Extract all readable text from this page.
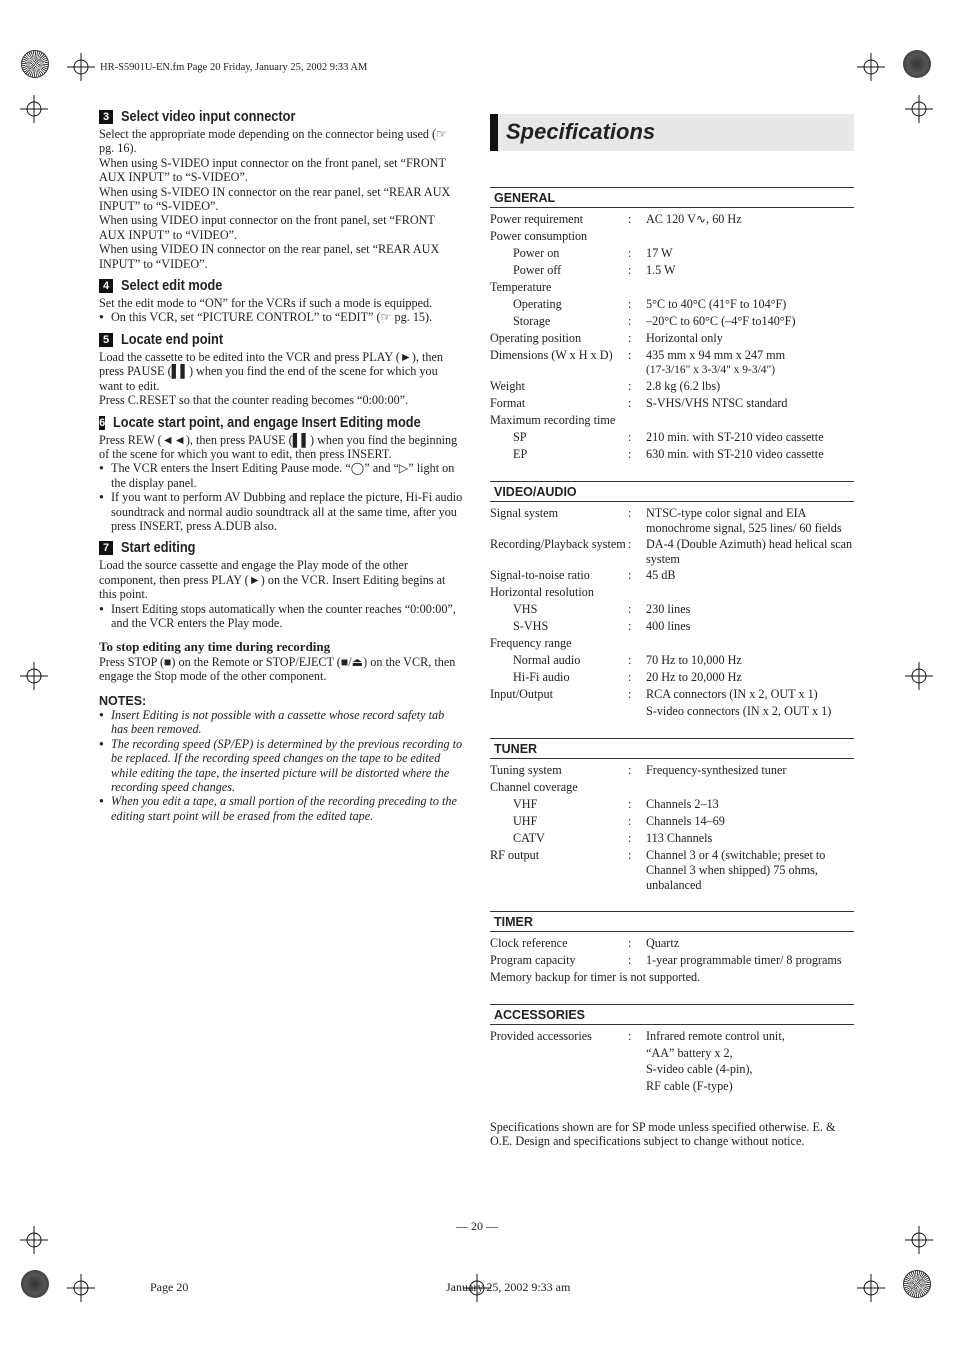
HR-S5901U-EN.fm Page 20 Friday, January 25, 2002 9:33 AM
— 20 —
Page 20	January 25, 2002 9:33 am
3 Select video input connector
Select the appropriate mode depending on the connector being used (☞ pg. 16).
When using S-VIDEO input connector on the front panel, set “FRONT AUX INPUT” to “S-VIDEO”.
When using S-VIDEO IN connector on the rear panel, set “REAR AUX INPUT” to “S-VIDEO”.
When using VIDEO input connector on the front panel, set “FRONT AUX INPUT” to “VIDEO”.
When using VIDEO IN connector on the rear panel, set “REAR AUX INPUT” to “VIDEO”.
4 Select edit mode
Set the edit mode to “ON” for the VCRs if such a mode is equipped.
● On this VCR, set “PICTURE CONTROL” to “EDIT” (☞ pg. 15).
5 Locate end point
Load the cassette to be edited into the VCR and press PLAY (►), then press PAUSE (▌▌) when you find the end of the scene for which you want to edit.
Press C.RESET so that the counter reading becomes “0:00:00”.
6 Locate start point, and engage Insert Editing mode
Press REW (◄◄), then press PAUSE (▌▌) when you find the beginning of the scene for which you want to edit, then press INSERT.
● The VCR enters the Insert Editing Pause mode. “◯” and “▷” light on the display panel.
● If you want to perform AV Dubbing and replace the picture, Hi-Fi audio soundtrack and normal audio soundtrack all at the same time, after you press INSERT, press A.DUB also.
7 Start editing
Load the source cassette and engage the Play mode of the other component, then press PLAY (►) on the VCR. Insert Editing begins at this point.
● Insert Editing stops automatically when the counter reaches “0:00:00”, and the VCR enters the Play mode.
To stop editing any time during recording
Press STOP (■) on the Remote or STOP/EJECT (■/⏏) on the VCR, then engage the Stop mode of the other component.
NOTES:
● Insert Editing is not possible with a cassette whose record safety tab has been removed.
● The recording speed (SP/EP) is determined by the previous recording to be replaced. If the recording speed changes on the tape to be edited while editing the tape, the inserted picture will be distorted where the recording speed changes.
● When you edit a tape, a small portion of the recording preceding to the editing start point will be erased from the edited tape.
Specifications
GENERAL
Power requirement	:	AC 120 V∿, 60 Hz
Power consumption
Power on	:	17 W
Power off	:	1.5 W
Temperature
Operating	:	5°C to 40°C (41°F to 104°F)
Storage	:	–20°C to 60°C (–4°F to140°F)
Operating position	:	Horizontal only
Dimensions (W x H x D)	:	435 mm x 94 mm x 247 mm
(17-3/16" x 3-3/4" x 9-3/4")
Weight	:	2.8 kg (6.2 lbs)
Format	:	S-VHS/VHS NTSC standard
Maximum recording time
SP	:	210 min. with ST-210 video cassette
EP	:	630 min. with ST-210 video cassette
VIDEO/AUDIO
Signal system	:	NTSC-type color signal and EIA monochrome signal, 525 lines/ 60 fields
Recording/Playback system :	DA-4 (Double Azimuth) head helical scan system
Signal-to-noise ratio	:	45 dB
Horizontal resolution
VHS	:	230 lines
S-VHS	:	400 lines
Frequency range
Normal audio	:	70 Hz to 10,000 Hz
Hi-Fi audio	:	20 Hz to 20,000 Hz
Input/Output	:	RCA connectors (IN x 2, OUT x 1)
S-video connectors (IN x 2, OUT x 1)
TUNER
Tuning system	:	Frequency-synthesized tuner
Channel coverage
VHF	:	Channels 2–13
UHF	:	Channels 14–69
CATV	:	113 Channels
RF output	:	Channel 3 or 4 (switchable; preset to Channel 3 when shipped) 75 ohms, unbalanced
TIMER
Clock reference	:	Quartz
Program capacity	:	1-year programmable timer/ 8 programs
Memory backup for timer is not supported.
ACCESSORIES
Provided accessories	:	Infrared remote control unit,
“AA” battery x 2,
S-video cable (4-pin),
RF cable (F-type)
Specifications shown are for SP mode unless specified otherwise. E. & O.E. Design and specifications subject to change without notice.
